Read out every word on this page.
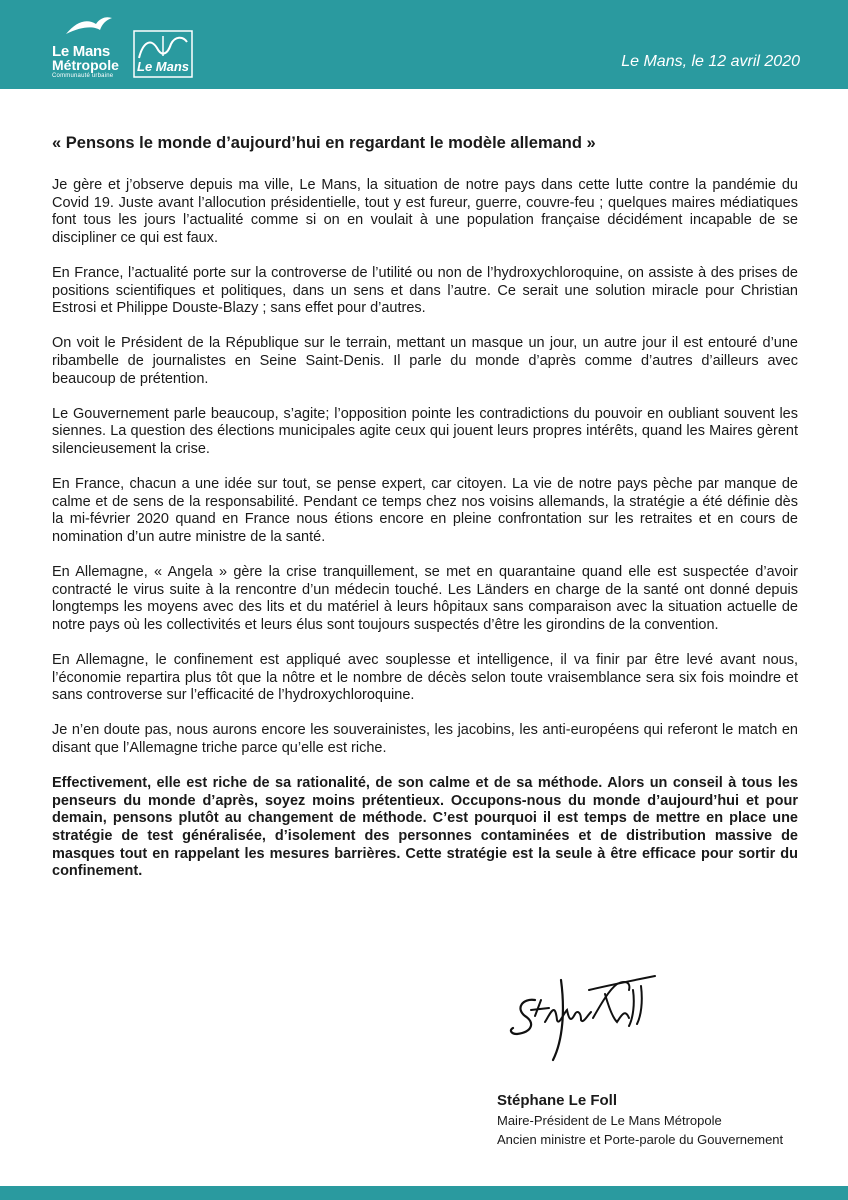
Le Mans
Métropole
Communauté urbaine
Le Mans	Le Mans, le 12 avril 2020
« Pensons le monde d’aujourd’hui en regardant le modèle allemand »

Je gère et j’observe depuis ma ville, Le Mans, la situation de notre pays dans cette lutte contre la pandémie du Covid 19. Juste avant l’allocution présidentielle, tout y est fureur, guerre, couvre-feu ; quelques maires médiatiques font tous les jours l’actualité comme si on en voulait à une population française décidément incapable de se discipliner ce qui est faux.

En France, l’actualité porte sur la controverse de l’utilité ou non de l’hydroxychloroquine, on assiste à des prises de positions scientifiques et politiques, dans un sens et dans l’autre. Ce serait une solution miracle pour Christian Estrosi et Philippe Douste-Blazy ; sans effet pour d’autres.

On voit le Président de la République sur le terrain, mettant un masque un jour, un autre jour il est entouré d’une ribambelle de journalistes en Seine Saint-Denis. Il parle du monde d’après comme d’autres d’ailleurs avec beaucoup de prétention.

Le Gouvernement parle beaucoup, s’agite; l’opposition pointe les contradictions du pouvoir en oubliant souvent les siennes. La question des élections municipales agite ceux qui jouent leurs propres intérêts, quand les Maires gèrent silencieusement la crise.

En France, chacun a une idée sur tout, se pense expert, car citoyen. La vie de notre pays pèche par manque de calme et de sens de la responsabilité. Pendant ce temps chez nos voisins allemands, la stratégie a été définie dès la mi-février 2020 quand en France nous étions encore en pleine confrontation sur les retraites et en cours de nomination d’un autre ministre de la santé.

En Allemagne, « Angela » gère la crise tranquillement, se met en quarantaine quand elle est suspectée d’avoir contracté le virus suite à la rencontre d’un médecin touché. Les Länders en charge de la santé ont donné depuis longtemps les moyens avec des lits et du matériel à leurs hôpitaux sans comparaison avec la situation actuelle de notre pays où les collectivités et leurs élus sont toujours suspectés d’être les girondins de la convention.

En Allemagne, le confinement est appliqué avec souplesse et intelligence, il va finir par être levé avant nous, l’économie repartira plus tôt que la nôtre et le nombre de décès selon toute vraisemblance sera six fois moindre et sans controverse sur l’efficacité de l’hydroxychloroquine.

Je n’en doute pas, nous aurons encore les souverainistes, les jacobins, les anti-européens qui referont le match en disant que l’Allemagne triche parce qu’elle est riche.

Effectivement, elle est riche de sa rationalité, de son calme et de sa méthode. Alors un conseil à tous les penseurs du monde d’après, soyez moins prétentieux. Occupons-nous du monde d’aujourd’hui et pour demain, pensons plutôt au changement de méthode. C’est pourquoi il est temps de mettre en place une stratégie de test généralisée, d’isolement des personnes contaminées et de distribution massive de masques tout en rappelant les mesures barrières. Cette stratégie est la seule à être efficace pour sortir du confinement.

Stéphane Le Foll
Maire-Président de Le Mans Métropole
Ancien ministre et Porte-parole du Gouvernement
